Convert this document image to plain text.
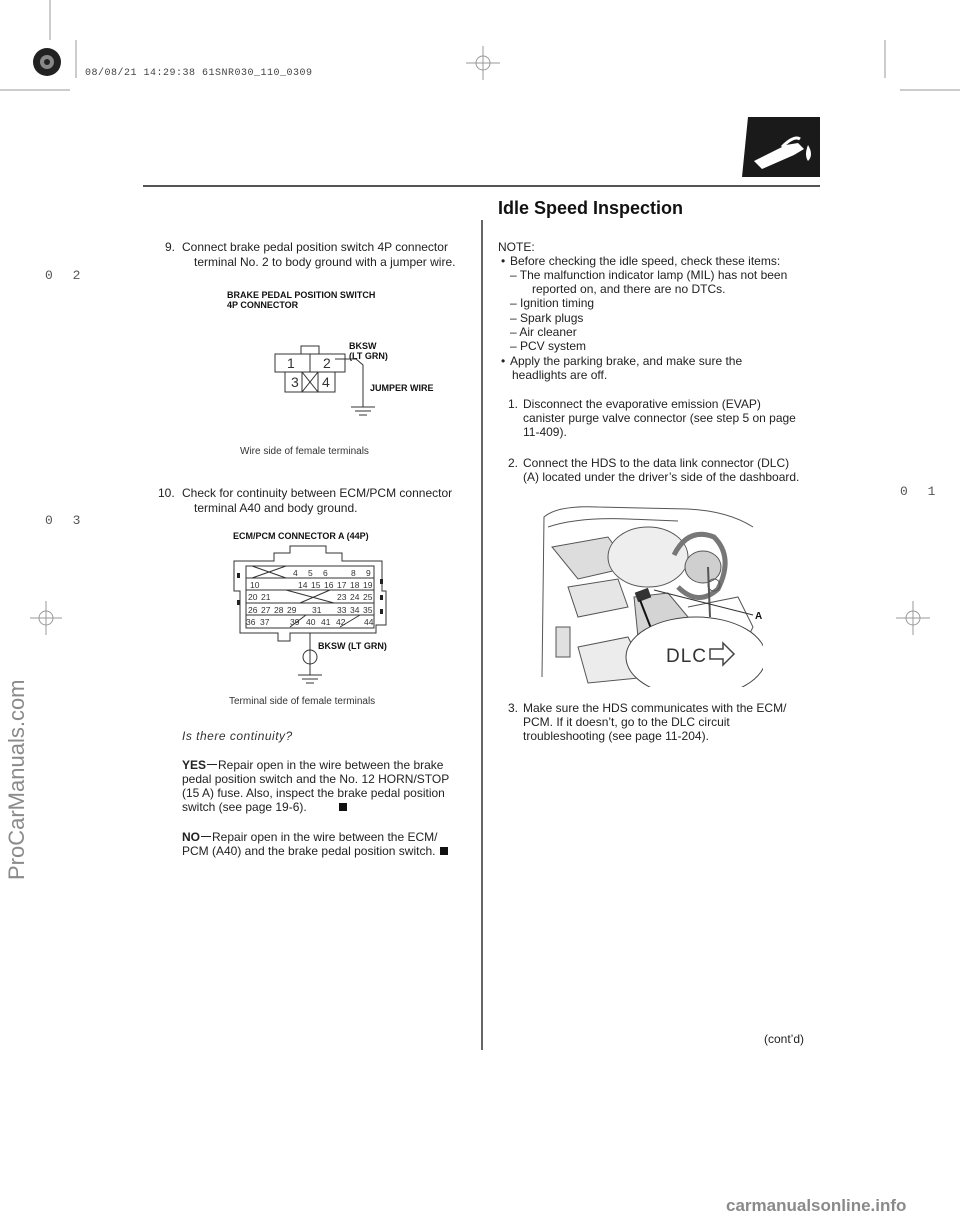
08/08/21 14:29:38 61SNR030_110_0309
0 2
0 3
0 1
ProCarManuals.com
Idle Speed Inspection
9. Connect brake pedal position switch 4P connector
terminal No. 2 to body ground with a jumper wire.
BRAKE PEDAL POSITION SWITCH
4P CONNECTOR
BKSW
(LT GRN)
JUMPER WIRE
1 2
3 4
Wire side of female terminals
10. Check for continuity between ECM/PCM connector
terminal A40 and body ground.
ECM/PCM CONNECTOR A (44P)
4 5 6	8 9
10	14 15 16 17 18 19
20 21	23 24 25
26 27 28 29 31 33 34 35
36 37 39 40 41 42 44
BKSW (LT GRN)
Terminal side of female terminals
Is there continuity?
YES Repair open in the wire between the brake
pedal position switch and the No. 12 HORN/STOP
(15 A) fuse. Also, inspect the brake pedal position
switch (see page 19-6).
NO Repair open in the wire between the ECM/
PCM (A40) and the brake pedal position switch.
NOTE:
• Before checking the idle speed, check these items:
– The malfunction indicator lamp (MIL) has not been
reported on, and there are no DTCs.
– Ignition timing
– Spark plugs
– Air cleaner
– PCV system
• Apply the parking brake, and make sure the
headlights are off.
1. Disconnect the evaporative emission (EVAP)
canister purge valve connector (see step 5 on page
11-409).
2. Connect the HDS to the data link connector (DLC)
(A) located under the driver’s side of the dashboard.
DLC
A
3. Make sure the HDS communicates with the ECM/
PCM. If it doesn’t, go to the DLC circuit
troubleshooting (see page 11-204).
(cont’d)
carmanualsonline.info
